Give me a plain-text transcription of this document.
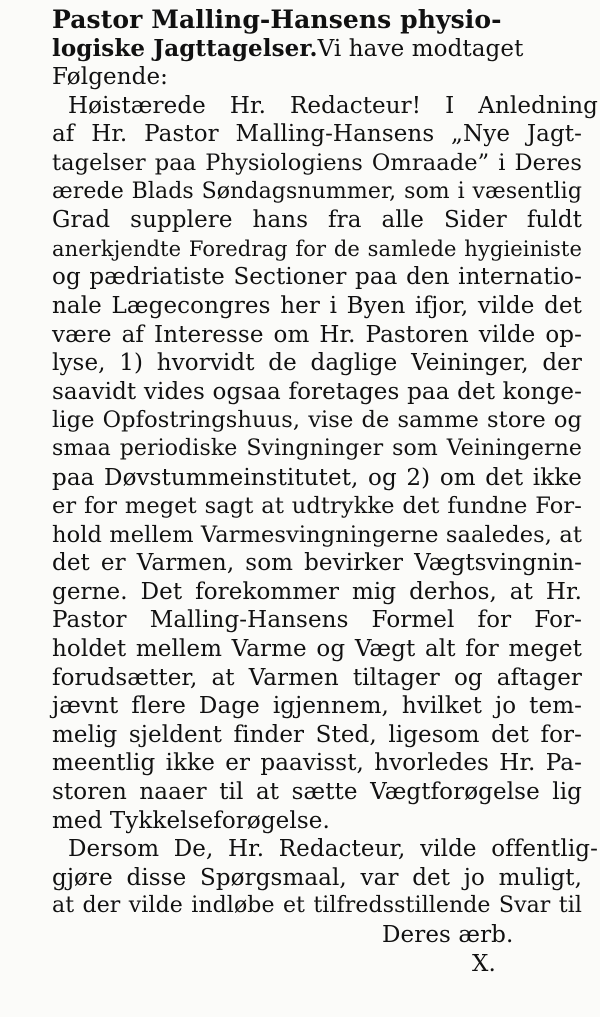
Pastor Malling-Hansens physio-
logiske Jagttagelser. Vi have modtaget
Følgende:
Høistærede Hr. Redacteur! I Anledning
af Hr. Pastor Malling-Hansens „Nye Jagt-
tagelser paa Physiologiens Omraade” i Deres
ærede Blads Søndagsnummer, som i væsentlig
Grad supplere hans fra alle Sider fuldt
anerkjendte Foredrag for de samlede hygieiniste
og pædriatiste Sectioner paa den internatio-
nale Lægecongres her i Byen ifjor, vilde det
være af Interesse om Hr. Pastoren vilde op-
lyse, 1) hvorvidt de daglige Veininger, der
saavidt vides ogsaa foretages paa det konge-
lige Opfostringshuus, vise de samme store og
smaa periodiske Svingninger som Veiningerne
paa Døvstummeinstitutet, og 2) om det ikke
er for meget sagt at udtrykke det fundne For-
hold mellem Varmesvingningerne saaledes, at
det er Varmen, som bevirker Vægtsvingnin-
gerne. Det forekommer mig derhos, at Hr.
Pastor Malling-Hansens Formel for For-
holdet mellem Varme og Vægt alt for meget
forudsætter, at Varmen tiltager og aftager
jævnt flere Dage igjennem, hvilket jo tem-
melig sjeldent finder Sted, ligesom det for-
meentlig ikke er paavisst, hvorledes Hr. Pa-
storen naaer til at sætte Vægtforøgelse lig
med Tykkelseforøgelse.
Dersom De, Hr. Redacteur, vilde offentlig-
gjøre disse Spørgsmaal, var det jo muligt,
at der vilde indløbe et tilfredsstillende Svar til
Deres ærb.
X.
